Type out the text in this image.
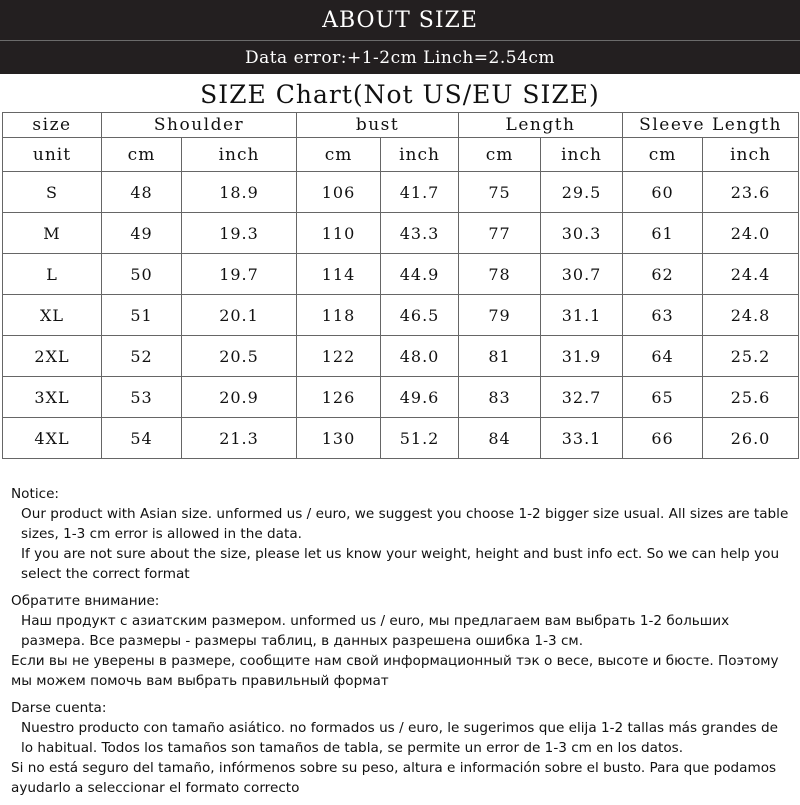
ABOUT SIZE
Data error:+1-2cm Linch=2.54cm
SIZE Chart(Not US/EU SIZE)
size	Shoulder		bust		Length		Sleeve Length	
unit	cm	inch	cm	inch	cm	inch	cm	inch
S	48	18.9	106	41.7	75	29.5	60	23.6
M	49	19.3	110	43.3	77	30.3	61	24.0
L	50	19.7	114	44.9	78	30.7	62	24.4
XL	51	20.1	118	46.5	79	31.1	63	24.8
2XL	52	20.5	122	48.0	81	31.9	64	25.2
3XL	53	20.9	126	49.6	83	32.7	65	25.6
4XL	54	21.3	130	51.2	84	33.1	66	26.0

Notice:

Our product with Asian size. unformed us / euro, we suggest you choose 1-2 bigger size usual. All sizes are table sizes, 1-3 cm error is allowed in the data.

If you are not sure about the size, please let us know your weight, height and bust info ect. So we can help you select the correct format

Обратите внимание:

Наш продукт с азиатским размером. unformed us / euro, мы предлагаем вам выбрать 1-2 больших размера. Все размеры - размеры таблиц, в данных разрешена ошибка 1-3 см.

Если вы не уверены в размере, сообщите нам свой информационный тэк о весе, высоте и бюсте. Поэтому мы можем помочь вам выбрать правильный формат

Darse cuenta:

Nuestro producto con tamaño asiático. no formados us / euro, le sugerimos que elija 1-2 tallas más grandes de lo habitual. Todos los tamaños son tamaños de tabla, se permite un error de 1-3 cm en los datos.

Si no está seguro del tamaño, infórmenos sobre su peso, altura e información sobre el busto. Para que podamos ayudarlo a seleccionar el formato correcto
